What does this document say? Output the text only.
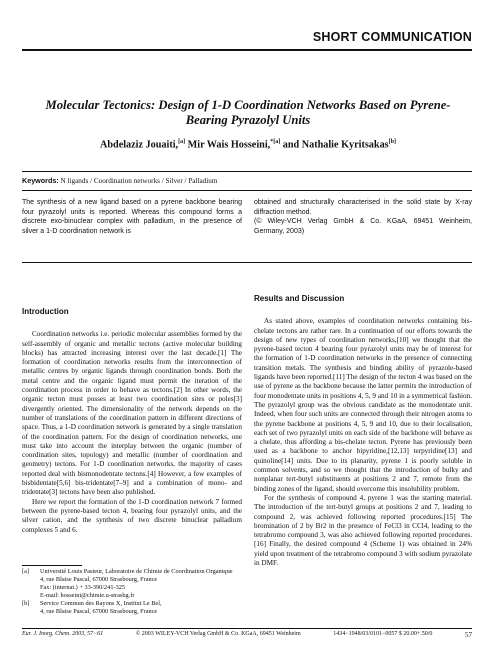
SHORT COMMUNICATION
Molecular Tectonics: Design of 1-D Coordination Networks Based on Pyrene-Bearing Pyrazolyl Units
Abdelaziz Jouaiti,[a] Mir Wais Hosseini,$^{*[a]}$ and Nathalie Kyritsakas[b]
Keywords: N ligands / Coordination networks / Silver / Palladium
The synthesis of a new ligand based on a pyrene backbone bearing four pyrazolyl units is reported. Whereas this compound forms a discrete exo-binuclear complex with palladium, in the presence of silver a 1-D coordination network is
obtained and structurally characterised in the solid state by X-ray diffraction method.
(© Wiley-VCH Verlag GmbH & Co. KGaA, 69451 Weinheim, Germany, 2003)
Introduction

Coordination networks i.e. periodic molecular assemblies formed by the self-assembly of organic and metallic tectons (active molecular building blocks) has attracted increasing interest over the last decade.[1] The formation of coordination networks results from the interconnection of metallic centres by organic ligands through coordination bonds. Both the metal centre and the organic ligand must permit the iteration of the coordination process in order to behave as tectons.[2] In other words, the organic tecton must posses at least two coordination sites or poles[3] divergently oriented. The dimensionality of the network depends on the number of translations of the coordination pattern in different directions of space. Thus, a 1-D coordination network is generated by a single translation of the coordination pattern. For the design of coordination networks, one must take into account the interplay between the organic (number of coordination sites, topology) and metallic (number of coordination and geometry) tectons. For 1-D coordination networks, the majority of cases reported deal with bismonodentate tectons.[4] However, a few examples of bisbidentate[5,6] bis-tridentate[7–9] and a combination of mono- and tridentate[3] tectons have been also published.

Here we report the formation of the 1-D coordination network 7 formed between the pyrene-based tecton 4, bearing four pyrazolyl units, and the silver cation, and the synthesis of two discrete binuclear palladium complexes 5 and 6.

Results and Discussion

As stated above, examples of coordination networks containing bis-chelate tectons are rather rare. In a continuation of our efforts towards the design of new types of coordination networks,[10] we thought that the pyrene-based tecton 4 bearing four pyrazolyl units may be of interest for the formation of 1-D coordination networks in the presence of connecting transition metals. The synthesis and binding ability of pyrazole-based ligands have been reported.[11] The design of the tecton 4 was based on the use of pyrene as the backbone because the latter permits the introduction of four monodentate units in positions 4, 5, 9 and 10 in a symmetrical fashion. The pyrazolyl group was the obvious candidate as the monodentate unit. Indeed, when four such units are connected through their nitrogen atoms to the pyrene backbone at positions 4, 5, 9 and 10, due to their localisation, each set of two pyrazolyl units on each side of the backbone will behave as a chelate, thus affording a bis-chelate tecton. Pyrene has previously been used as a backbone to anchor bipyridine,[12,13] terpyridine[13] and quinoline[14] units. Due to its planarity, pyrene 1 is poorly soluble in common solvents, and so we thought that the introduction of bulky and nonplanar tert-butyl substituents at positions 2 and 7, remote from the binding zones of the ligand, should overcome this insolubility problem.

For the synthesis of compound 4, pyrene 1 was the starting material. The introduction of the tert-butyl groups at positions 2 and 7, leading to compound 2, was achieved following reported procedures.[15] The bromination of 2 by Br2 in the presence of FeCl3 in CCl4, leading to the tetrabromo compound 3, was also achieved following reported procedures.[16] Finally, the desired compound 4 (Scheme 1) was obtained in 24% yield upon treatment of the tetrabromo compound 3 with sodium pyrazolate in DMF.

[a] Université Louis Pasteur, Laboratoire de Chimie de Coordination Organique
4, rue Blaise Pascal, 67000 Strasbourg, France
Fax: (internat.) + 33-390/241-325
E-mail: hosseini@chimie.u-strasbg.fr
[b] Service Commun des Rayons X, Institut Le Bel,
4, rue Blaise Pascal, 67000 Strasbourg, France
Eur. J. Inorg. Chem. 2003, 57−61	© 2003 WILEY-VCH Verlag GmbH & Co. KGaA, 69451 Weinheim	1434−1948/03/0101−0057 $ 20.00+.50/0	57
